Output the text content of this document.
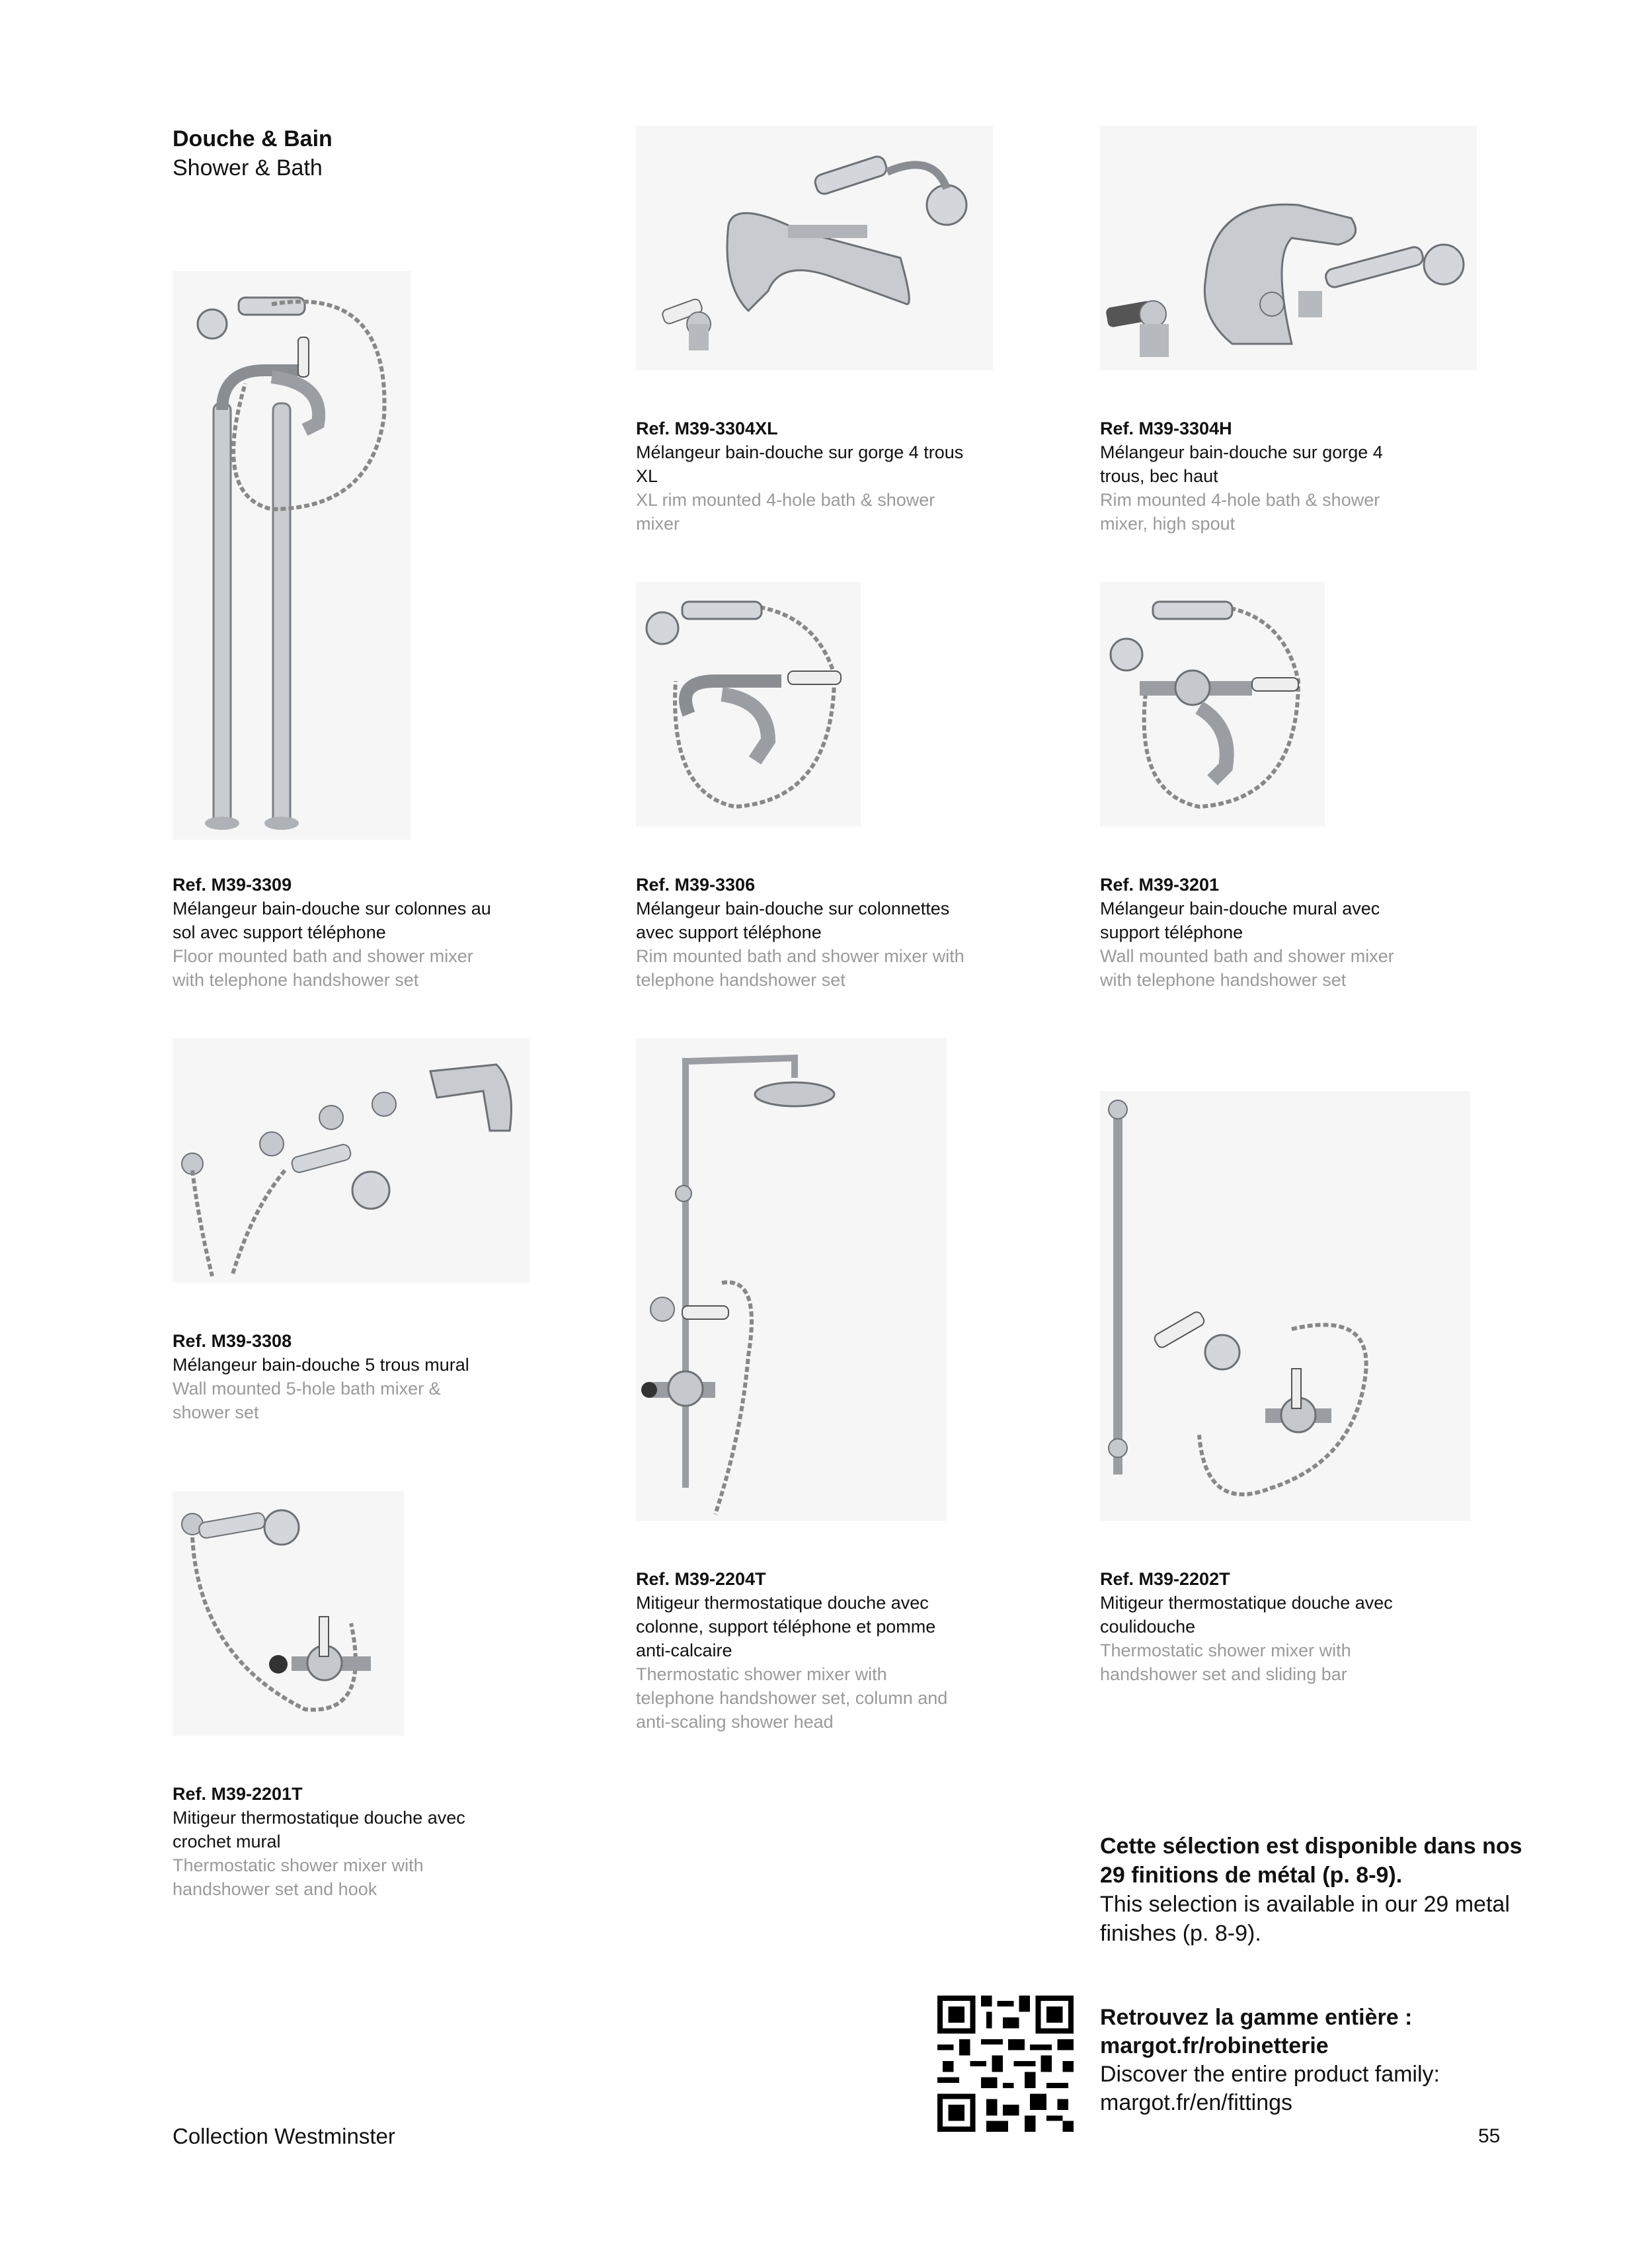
Douche & Bain
Shower & Bath
Ref. M39-3309
Mélangeur bain-douche sur colonnes au sol avec support téléphone
Floor mounted bath and shower mixer with telephone handshower set
Ref. M39-3304XL
Mélangeur bain-douche sur gorge 4 trous XL
XL rim mounted 4-hole bath & shower mixer
Ref. M39-3304H
Mélangeur bain-douche sur gorge 4 trous, bec haut
Rim mounted 4-hole bath & shower mixer, high spout
Ref. M39-3306
Mélangeur bain-douche sur colonnettes avec support téléphone
Rim mounted bath and shower mixer with telephone handshower set
Ref. M39-3201
Mélangeur bain-douche mural avec support téléphone
Wall mounted bath and shower mixer with telephone handshower set
Ref. M39-3308
Mélangeur bain-douche 5 trous mural
Wall mounted 5-hole bath mixer & shower set
Ref. M39-2204T
Mitigeur thermostatique douche avec colonne, support téléphone et pomme anti-calcaire
Thermostatic shower mixer with telephone handshower set, column and anti-scaling shower head
Ref. M39-2202T
Mitigeur thermostatique douche avec coulidouche
Thermostatic shower mixer with handshower set and sliding bar
Ref. M39-2201T
Mitigeur thermostatique douche avec crochet mural
Thermostatic shower mixer with handshower set and hook
Cette sélection est disponible dans nos 29 finitions de métal (p. 8-9).
This selection is available in our 29 metal finishes (p. 8-9).
Retrouvez la gamme entière :
margot.fr/robinetterie
Discover the entire product family:
margot.fr/en/fittings
Collection Westminster	55
